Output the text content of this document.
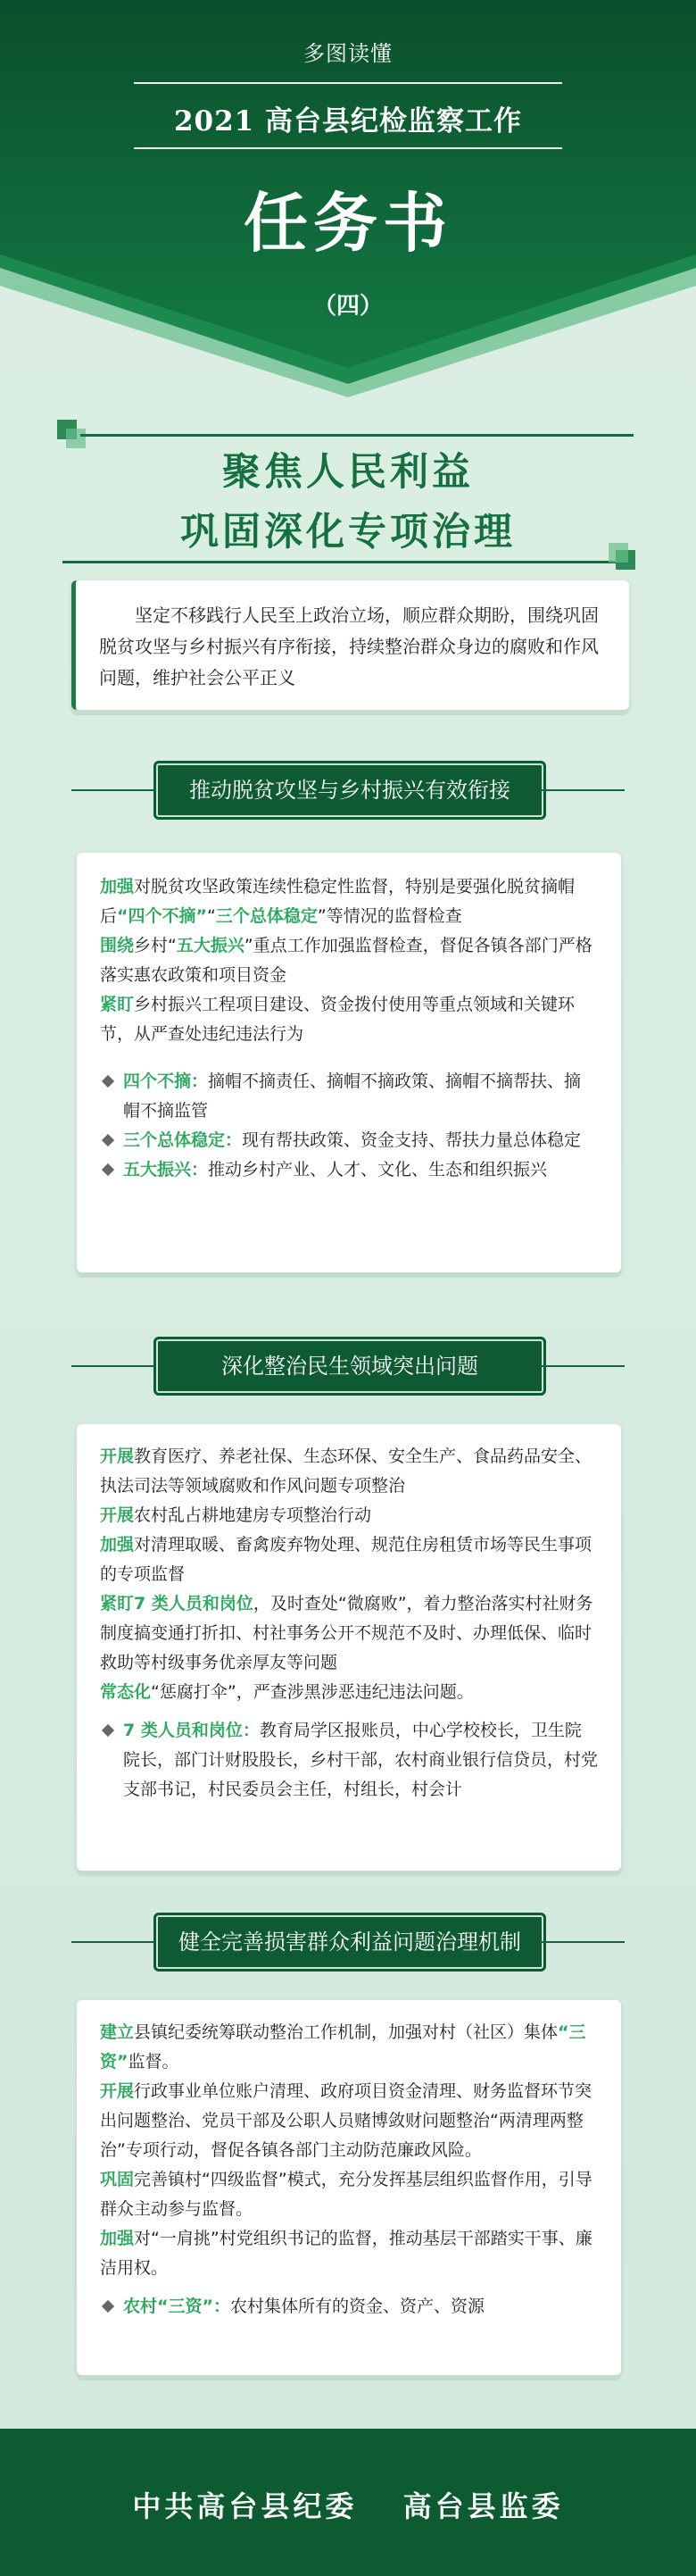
多图读懂
2021 高台县纪检监察工作
任务书
（四）
聚焦人民利益
巩固深化专项治理

坚定不移践行人民至上政治立场，顺应群众期盼，围绕巩固脱贫攻坚与乡村振兴有序衔接，持续整治群众身边的腐败和作风问题，维护社会公平正义

推动脱贫攻坚与乡村振兴有效衔接

加强对脱贫攻坚政策连续性稳定性监督，特别是要强化脱贫摘帽后“四个不摘”“三个总体稳定”等情况的监督检查

围绕乡村“五大振兴”重点工作加强监督检查，督促各镇各部门严格落实惠农政策和项目资金

紧盯乡村振兴工程项目建设、资金拨付使用等重点领域和关键环节，从严查处违纪违法行为

四个不摘：摘帽不摘责任、摘帽不摘政策、摘帽不摘帮扶、摘帽不摘监管

三个总体稳定：现有帮扶政策、资金支持、帮扶力量总体稳定

五大振兴：推动乡村产业、人才、文化、生态和组织振兴

深化整治民生领域突出问题

开展教育医疗、养老社保、生态环保、安全生产、食品药品安全、执法司法等领域腐败和作风问题专项整治

开展农村乱占耕地建房专项整治行动

加强对清理取暖、畜禽废弃物处理、规范住房租赁市场等民生事项的专项监督

紧盯7 类人员和岗位，及时查处“微腐败”，着力整治落实村社财务制度搞变通打折扣、村社事务公开不规范不及时、办理低保、临时救助等村级事务优亲厚友等问题

常态化“惩腐打伞”，严查涉黑涉恶违纪违法问题。

7 类人员和岗位：教育局学区报账员，中心学校校长，卫生院院长，部门计财股股长，乡村干部，农村商业银行信贷员，村党支部书记，村民委员会主任，村组长，村会计

健全完善损害群众利益问题治理机制

建立县镇纪委统筹联动整治工作机制，加强对村（社区）集体“三资”监督。

开展行政事业单位账户清理、政府项目资金清理、财务监督环节突出问题整治、党员干部及公职人员赌博敛财问题整治“两清理两整治”专项行动，督促各镇各部门主动防范廉政风险。

巩固完善镇村“四级监督”模式，充分发挥基层组织监督作用，引导群众主动参与监督。

加强对“一肩挑”村党组织书记的监督，推动基层干部踏实干事、廉洁用权。

农村“三资”：农村集体所有的资金、资产、资源

中共高台县纪委　 高台县监委
